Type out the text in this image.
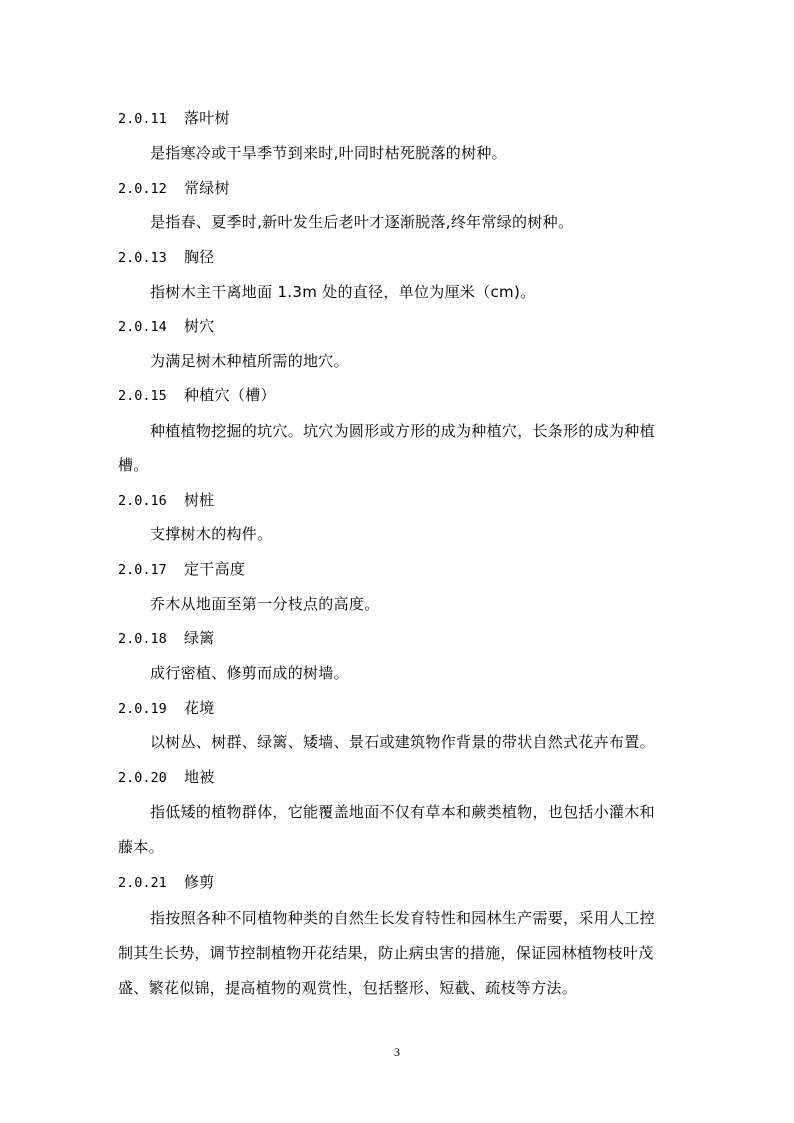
2.0.11 落叶树
是指寒冷或干旱季节到来时,叶同时枯死脱落的树种。
2.0.12 常绿树
是指春、夏季时,新叶发生后老叶才逐渐脱落,终年常绿的树种。
2.0.13 胸径
指树木主干离地面 1.3m 处的直径，单位为厘米（cm)。
2.0.14 树穴
为满足树木种植所需的地穴。
2.0.15 种植穴（槽）
种植植物挖掘的坑穴。坑穴为圆形或方形的成为种植穴，长条形的成为种植
槽。
2.0.16 树桩
支撑树木的构件。
2.0.17 定干高度
乔木从地面至第一分枝点的高度。
2.0.18 绿篱
成行密植、修剪而成的树墙。
2.0.19 花境
以树丛、树群、绿篱、矮墙、景石或建筑物作背景的带状自然式花卉布置。
2.0.20 地被
指低矮的植物群体，它能覆盖地面不仅有草本和蕨类植物，也包括小灌木和
藤本。
2.0.21 修剪
指按照各种不同植物种类的自然生长发育特性和园林生产需要，采用人工控
制其生长势，调节控制植物开花结果，防止病虫害的措施，保证园林植物枝叶茂
盛、繁花似锦，提高植物的观赏性，包括整形、短截、疏枝等方法。
3
